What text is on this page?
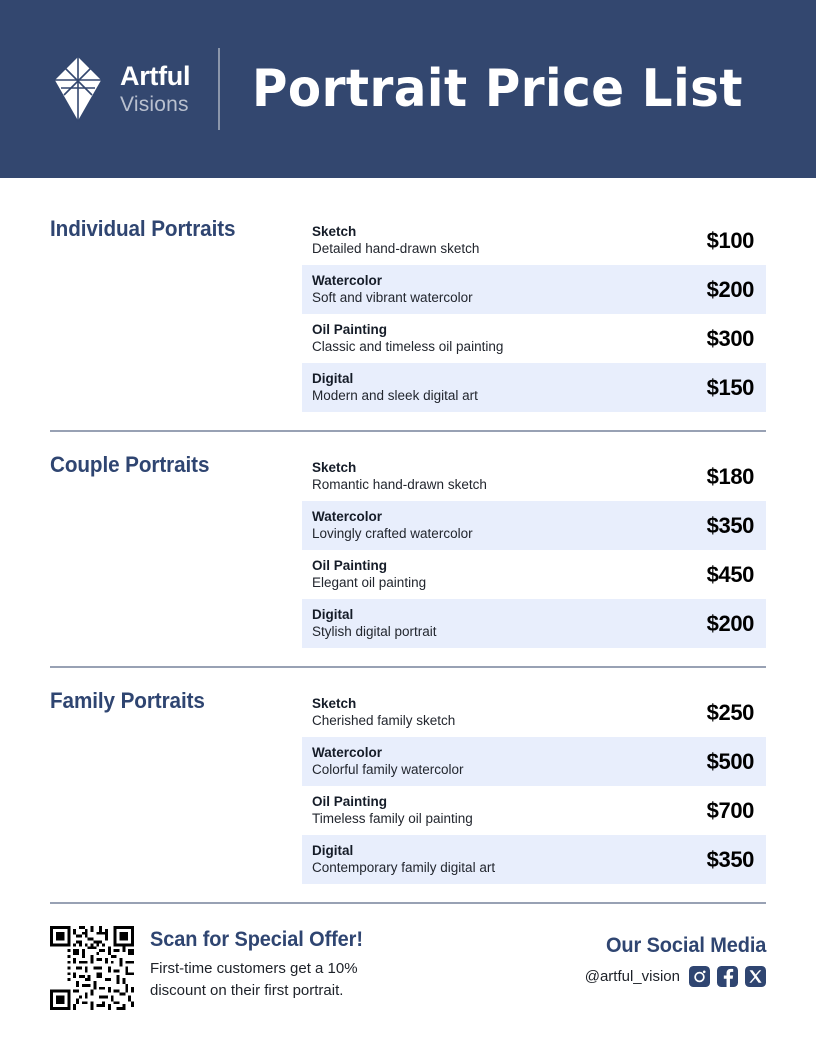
Artful
Visions Portrait Price List
Individual Portraits	Sketch
Detailed hand-drawn sketch	$100
Watercolor
Soft and vibrant watercolor	$200
Oil Painting
Classic and timeless oil painting	$300
Digital
Modern and sleek digital art	$150
Couple Portraits	Sketch
Romantic hand-drawn sketch	$180
Watercolor
Lovingly crafted watercolor	$350
Oil Painting
Elegant oil painting	$450
Digital
Stylish digital portrait	$200
Family Portraits	Sketch
Cherished family sketch	$250
Watercolor
Colorful family watercolor	$500
Oil Painting
Timeless family oil painting	$700
Digital
Contemporary family digital art	$350
Scan for Special Offer!
First-time customers get a 10% discount on their first portrait.
Our Social Media
@artful_vision
